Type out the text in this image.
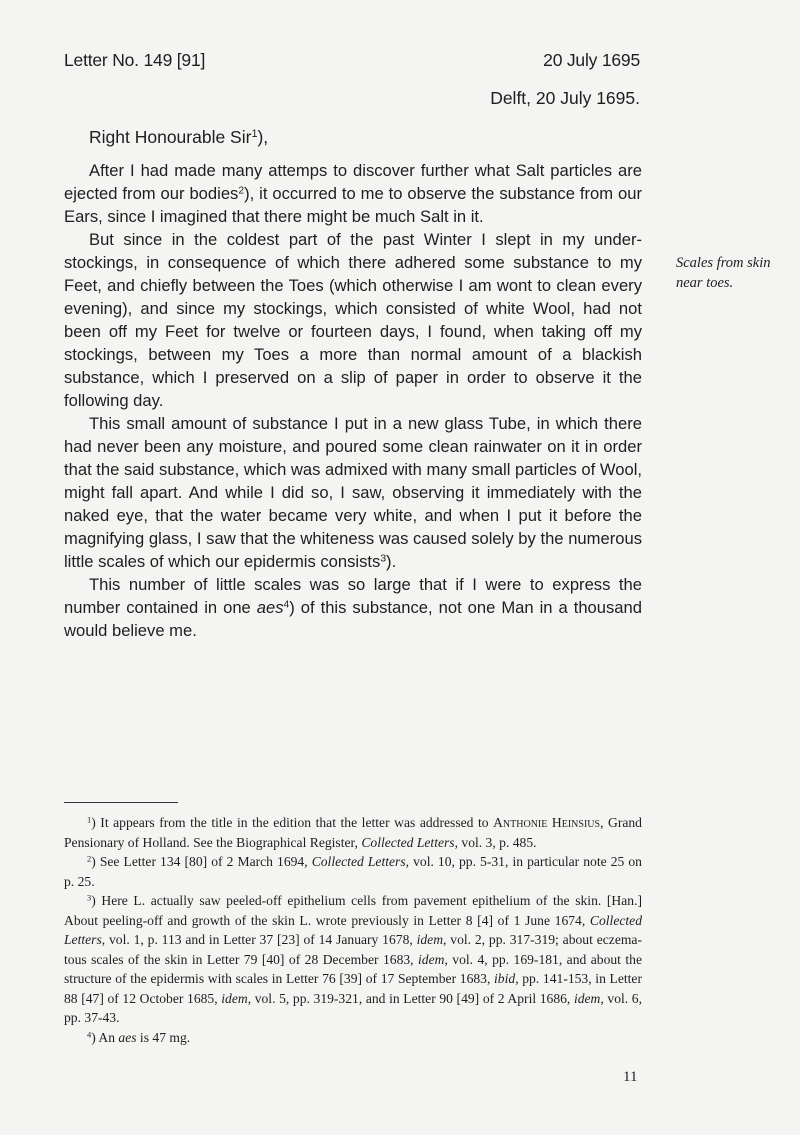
Letter No. 149 [91]	20 July 1695
Delft, 20 July 1695.
Right Honourable Sir$^1$),

After I had made many attemps to discover further what Salt particles are ejected from our bodies$^2$), it occurred to me to observe the substance from our Ears, since I imagined that there might be much Salt in it.

But since in the coldest part of the past Winter I slept in my under-stockings, in consequence of which there adhered some substance to my Feet, and chiefly between the Toes (which otherwise I am wont to clean every evening), and since my stockings, which consisted of white Wool, had not been off my Feet for twelve or fourteen days, I found, when taking off my stockings, between my Toes a more than normal amount of a blackish substance, which I preserved on a slip of paper in order to observe it the following day.

This small amount of substance I put in a new glass Tube, in which there had never been any moisture, and poured some clean rainwater on it in order that the said substance, which was admixed with many small particles of Wool, might fall apart. And while I did so, I saw, observing it immediately with the naked eye, that the water became very white, and when I put it before the magnifying glass, I saw that the whiteness was caused solely by the numerous little scales of which our epidermis consists$^3$).

This number of little scales was so large that if I were to express the number contained in one aes$^4$) of this substance, not one Man in a thousand would believe me.

Scales from skin
near toes.

$^1$) It appears from the title in the edition that the letter was addressed to Anthonie Heinsius, Grand Pensionary of Holland. See the Biographical Register, Collected Letters, vol. 3, p. 485.

$^2$) See Letter 134 [80] of 2 March 1694, Collected Letters, vol. 10, pp. 5-31, in particular note 25 on p. 25.

$^3$) Here L. actually saw peeled-off epithelium cells from pavement epithelium of the skin. [Han.] About peeling-off and growth of the skin L. wrote previously in Letter 8 [4] of 1 June 1674, Collected Letters, vol. 1, p. 113 and in Letter 37 [23] of 14 January 1678, idem, vol. 2, pp. 317-319; about eczema-tous scales of the skin in Letter 79 [40] of 28 December 1683, idem, vol. 4, pp. 169-181, and about the structure of the epidermis with scales in Letter 76 [39] of 17 September 1683, ibid, pp. 141-153, in Letter 88 [47] of 12 October 1685, idem, vol. 5, pp. 319-321, and in Letter 90 [49] of 2 April 1686, idem, vol. 6, pp. 37-43.

$^4$) An aes is 47 mg.

11
